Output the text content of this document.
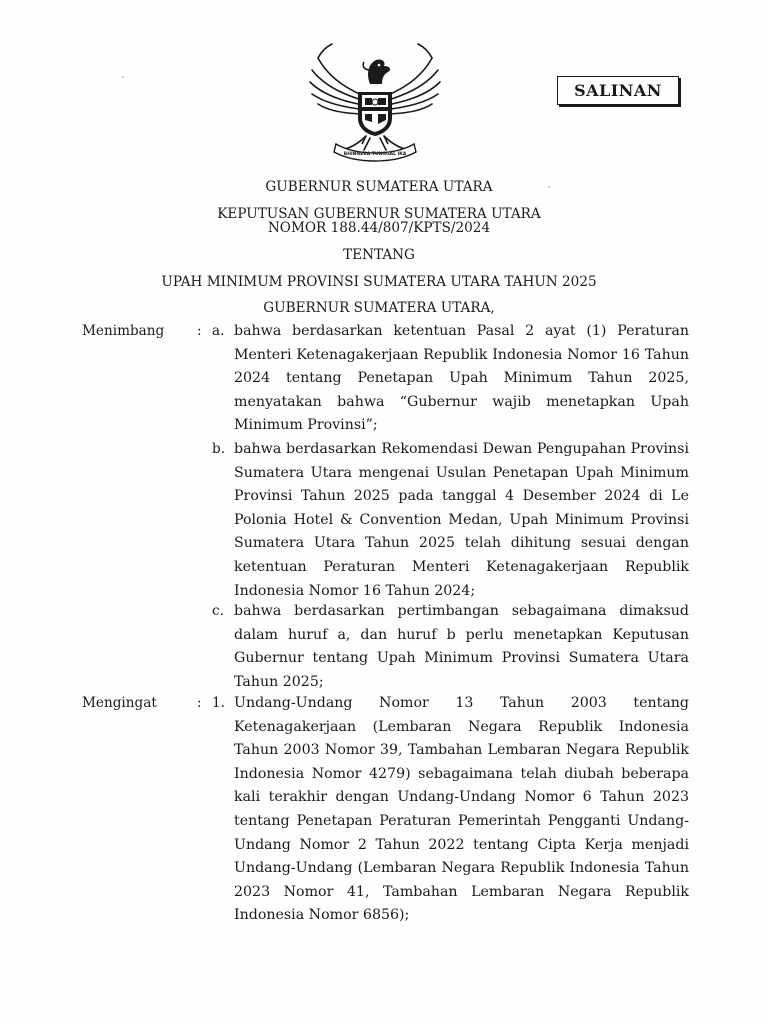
BHINNEKA TUNGGAL IKA
SALINAN
GUBERNUR SUMATERA UTARA
KEPUTUSAN GUBERNUR SUMATERA UTARA
NOMOR 188.44/807/KPTS/2024
TENTANG
UPAH MINIMUM PROVINSI SUMATERA UTARA TAHUN 2025
GUBERNUR SUMATERA UTARA,
Menimbang : a. bahwa berdasarkan ketentuan Pasal 2 ayat (1) Peraturan Menteri Ketenagakerjaan Republik Indonesia Nomor 16 Tahun 2024 tentang Penetapan Upah Minimum Tahun 2025, menyatakan bahwa “Gubernur wajib menetapkan Upah Minimum Provinsi”;
b. bahwa berdasarkan Rekomendasi Dewan Pengupahan Provinsi Sumatera Utara mengenai Usulan Penetapan Upah Minimum Provinsi Tahun 2025 pada tanggal 4 Desember 2024 di Le Polonia Hotel & Convention Medan, Upah Minimum Provinsi Sumatera Utara Tahun 2025 telah dihitung sesuai dengan ketentuan Peraturan Menteri Ketenagakerjaan Republik Indonesia Nomor 16 Tahun 2024;
c. bahwa berdasarkan pertimbangan sebagaimana dimaksud dalam huruf a, dan huruf b perlu menetapkan Keputusan Gubernur tentang Upah Minimum Provinsi Sumatera Utara Tahun 2025;
Mengingat	: 1. Undang-Undang Nomor 13 Tahun 2003 tentang Ketenagakerjaan (Lembaran Negara Republik Indonesia Tahun 2003 Nomor 39, Tambahan Lembaran Negara Republik Indonesia Nomor 4279) sebagaimana telah diubah beberapa kali terakhir dengan Undang-Undang Nomor 6 Tahun 2023 tentang Penetapan Peraturan Pemerintah Pengganti Undang-Undang Nomor 2 Tahun 2022 tentang Cipta Kerja menjadi Undang-Undang (Lembaran Negara Republik Indonesia Tahun 2023 Nomor 41, Tambahan Lembaran Negara Republik Indonesia Nomor 6856);
